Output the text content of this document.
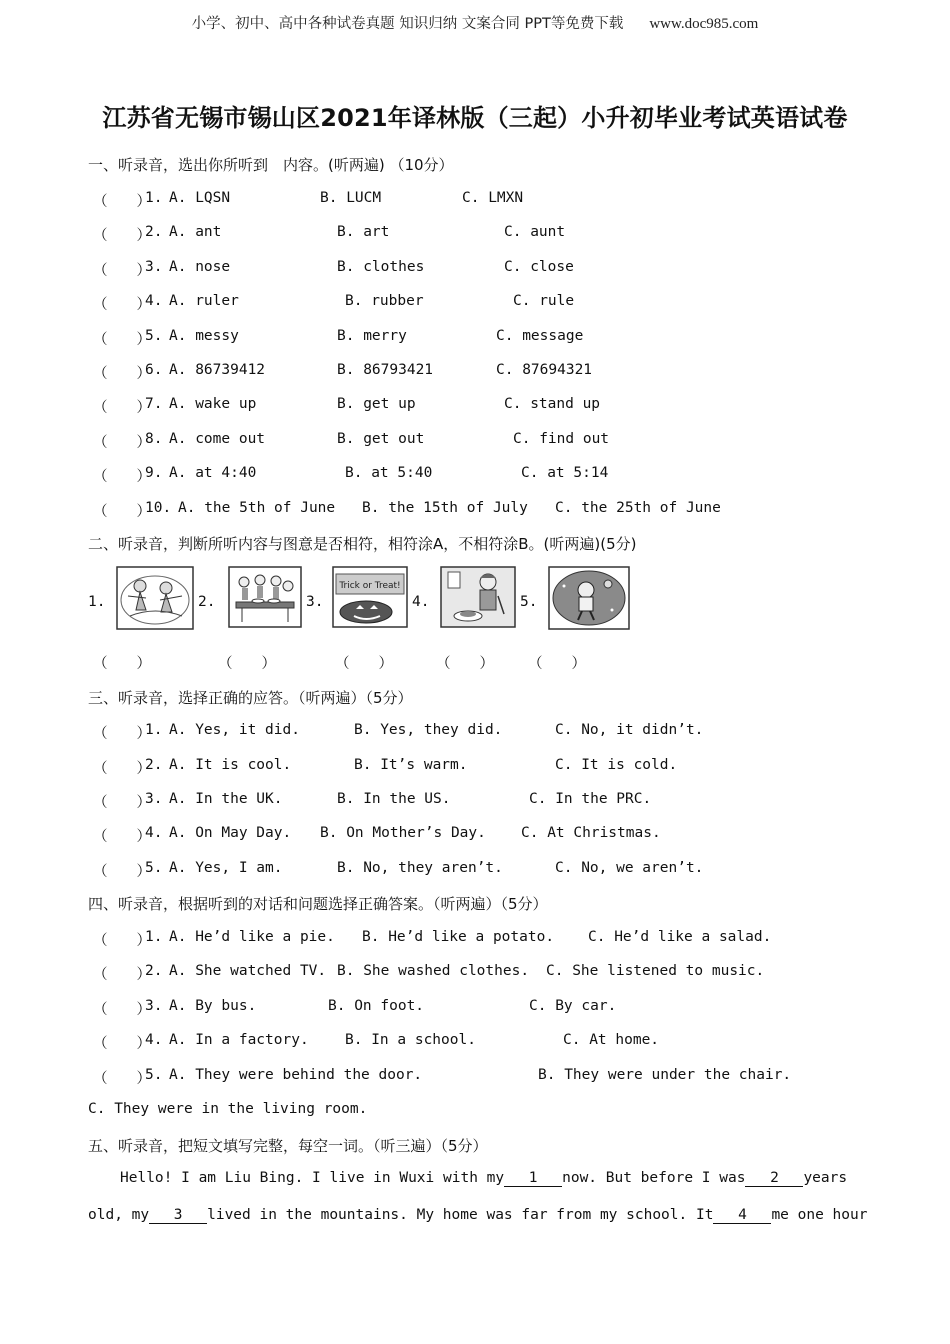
小学、初中、高中各种试卷真题 知识归纳 文案合同 PPT等免费下载 www.doc985.com
江苏省无锡市锡山区2021年译林版（三起）小升初毕业考试英语试卷
一、听录音，选出你所听到　内容。(听两遍) （10分）
（　　）
1. A. LQSN	B. LUCM	C. LMXN
（　　）
2. A. ant	B. art	C. aunt
（　　）
3. A. nose	B. clothes	C. close
（　　）
4. A. ruler	B. rubber	C. rule
（　　）
5. A. messy	B. merry	C. message
（　　）
6. A. 86739412	B. 86793421	C. 87694321
（　　）
7. A. wake up	B. get up	C. stand up
（　　）
8. A. come out	B. get out	C. find out
（　　）
9. A. at 4:40	B. at 5:40	C. at 5:14
（　　）
10. A. the 5th of June B. the 15th of July C. the 25th of June
二、听录音，判断所听内容与图意是否相符，相符涂A，不相符涂B。(听两遍)(5分)
1.	2.	3.
Trick or Treat!
4.	5.
（　　）	（　　）	（　　）	（　　） （　　）
三、听录音，选择正确的应答。（听两遍）（5分）
（　　）
1. A. Yes, it did.	B. Yes, they did.	C. No, it didn’t.
（　　）
2. A. It is cool.	B. It’s warm.	C. It is cold.
（　　）
3. A. In the UK.	B. In the US.	C. In the PRC.
（　　）
4. A. On May Day. B. On Mother’s Day. C. At Christmas.
（　　）
5. A. Yes, I am.	B. No, they aren’t.	C. No, we aren’t.
四、听录音，根据听到的对话和问题选择正确答案。（听两遍）（5分）
（　　）
1. A. He’d like a pie. B. He’d like a potato. C. He’d like a salad.
（　　）
2. A. She watched TV. B. She washed clothes. C. She listened to music.
（　　）
3. A. By bus.	B. On foot.	C. By car.
（　　）
4. A. In a factory.	B. In a school.	C. At home.
（　　）
5. A. They were behind the door.	B. They were under the chair.
C. They were in the living room.
五、听录音，把短文填写完整，每空一词。（听三遍）（5分）
Hello! I am Liu Bing. I live in Wuxi with my 1 now. But before I was 2 years
old, my 3 lived in the mountains. My home was far from my school. It 4 me one hour
